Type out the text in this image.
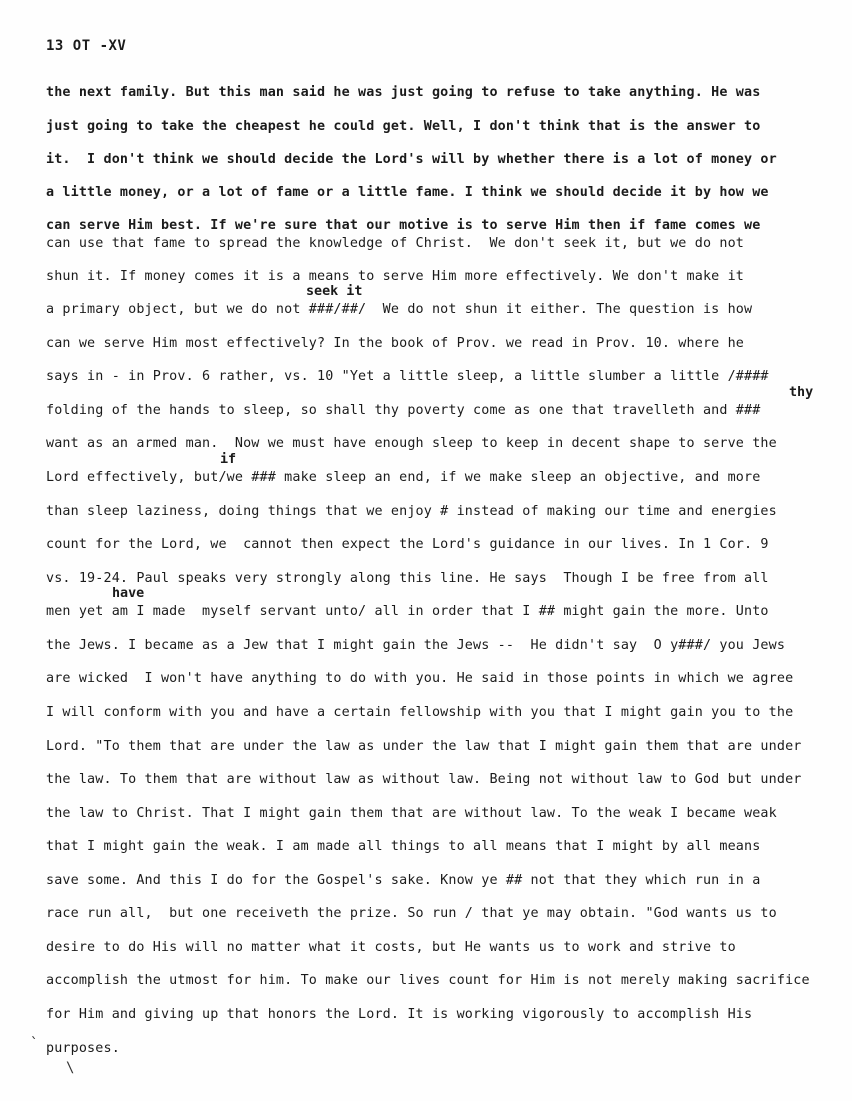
13 OT -XV
seek it
thy
if
have
the next family. But this man said he was just going to refuse to take anything. He was
just going to take the cheapest he could get. Well, I don't think that is the answer to
it.  I don't think we should decide the Lord's will by whether there is a lot of money or
a little money, or a lot of fame or a little fame. I think we should decide it by how we
can serve Him best. If we're sure that our motive is to serve Him then if fame comes we
can use that fame to spread the knowledge of Christ.  We don't seek it, but we do not
shun it. If money comes it is a means to serve Him more effectively. We don't make it
a primary object, but we do not ###/##/  We do not shun it either. The question is how
can we serve Him most effectively? In the book of Prov. we read in Prov. 10. where he
says in - in Prov. 6 rather, vs. 10 "Yet a little sleep, a little slumber a little /####
folding of the hands to sleep, so shall thy poverty come as one that travelleth and ###
want as an armed man.  Now we must have enough sleep to keep in decent shape to serve the
Lord effectively, but/we ### make sleep an end, if we make sleep an objective, and more
than sleep laziness, doing things that we enjoy # instead of making our time and energies
count for the Lord, we  cannot then expect the Lord's guidance in our lives. In 1 Cor. 9
vs. 19-24. Paul speaks very strongly along this line. He says  Though I be free from all
men yet am I made  myself servant unto/ all in order that I ## might gain the more. Unto
the Jews. I became as a Jew that I might gain the Jews --  He didn't say  O y###/ you Jews
are wicked  I won't have anything to do with you. He said in those points in which we agree
I will conform with you and have a certain fellowship with you that I might gain you to the
Lord. "To them that are under the law as under the law that I might gain them that are under
the law. To them that are without law as without law. Being not without law to God but under
the law to Christ. That I might gain them that are without law. To the weak I became weak
that I might gain the weak. I am made all things to all means that I might by all means
save some. And this I do for the Gospel's sake. Know ye ## not that they which run in a
race run all,  but one receiveth the prize. So run / that ye may obtain. "God wants us to
desire to do His will no matter what it costs, but He wants us to work and strive to
accomplish the utmost for him. To make our lives count for Him is not merely making sacrifice
for Him and giving up that honors the Lord. It is working vigorously to accomplish His
purposes.
`
\
